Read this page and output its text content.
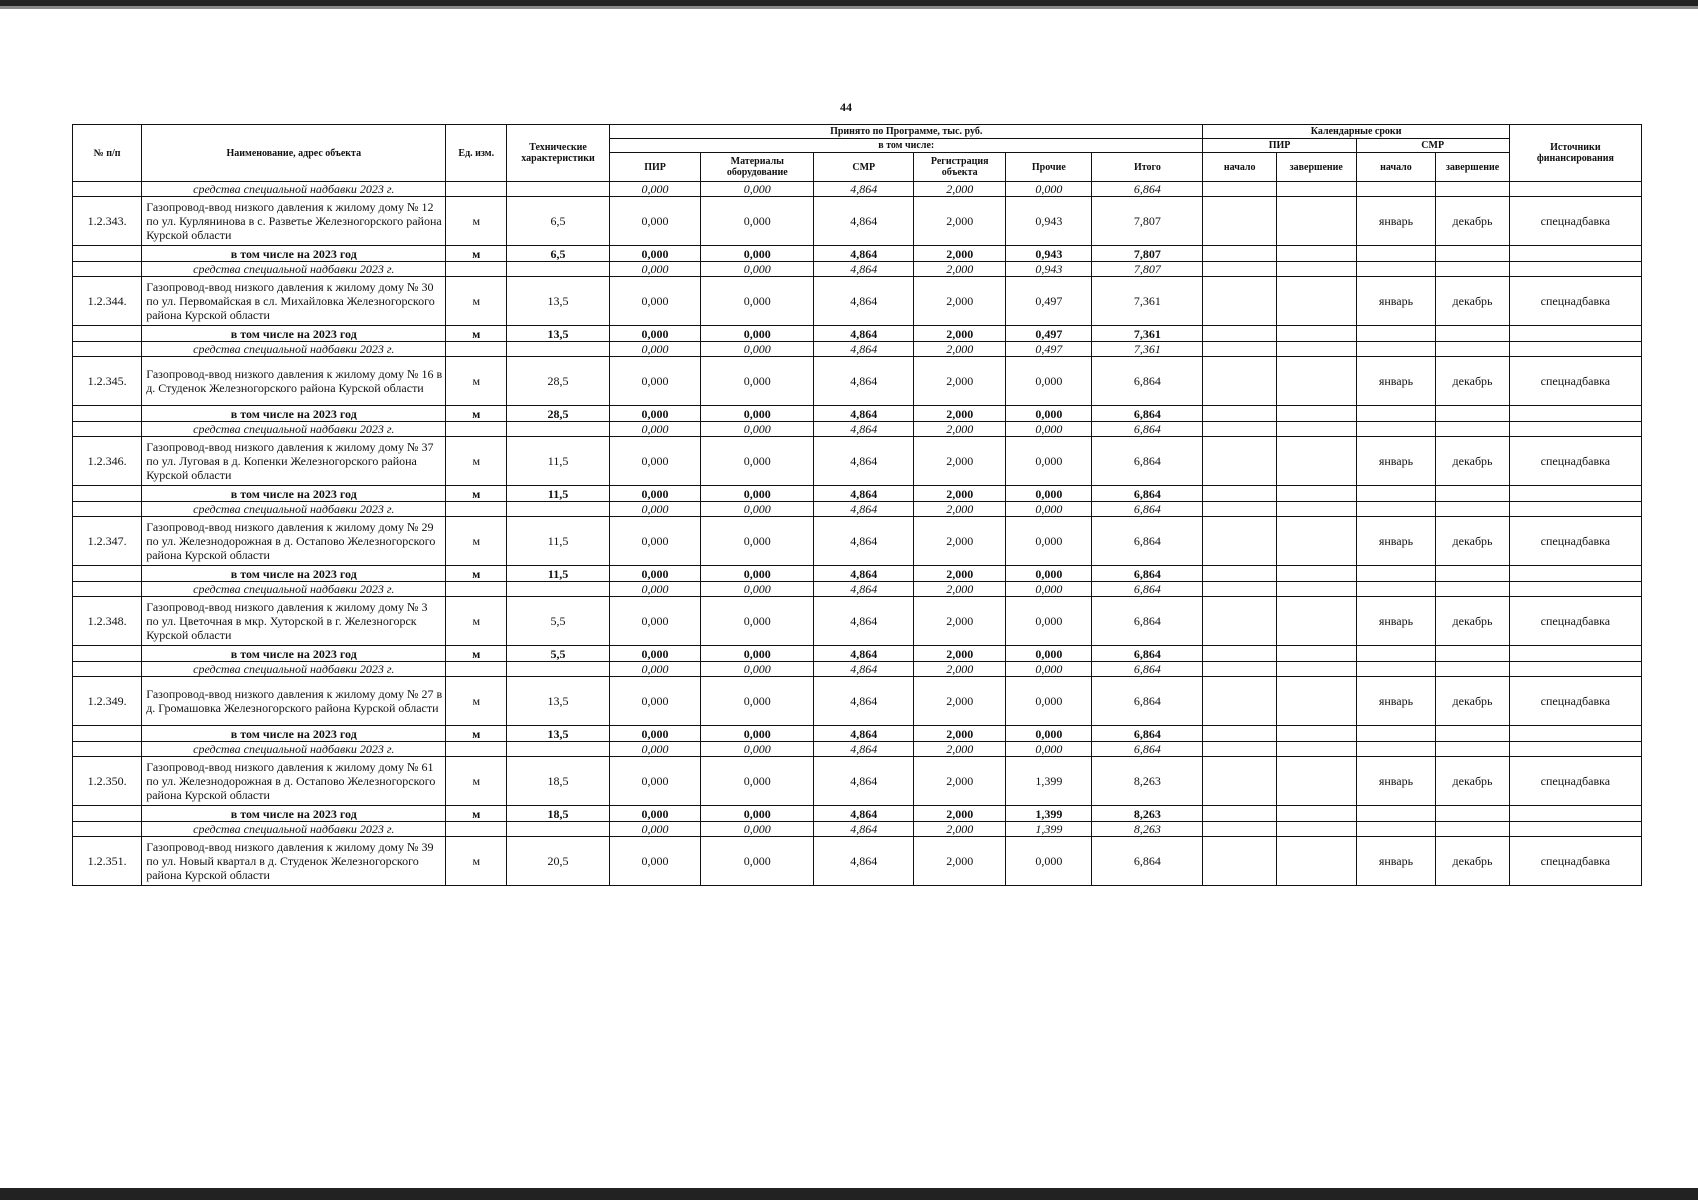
44
№ п/п	Наименование, адрес объекта	Ед. изм.	Технические характеристики	Принято по Программе, тыс. руб.						Календарные сроки				Источники финансирования
				в том числе:						ПИР		СМР		
				ПИР	Материалы оборудование	СМР	Регистрация объекта	Прочие	Итого	начало	завершение	начало	завершение	
	средства специальной надбавки 2023 г.			0,000	0,000	4,864	2,000	0,000	6,864					
1.2.343.	Газопровод-ввод низкого давления к жилому дому № 12 по ул. Курлянинова в с. Разветье Железногорского района Курской области	м	6,5	0,000	0,000	4,864	2,000	0,943	7,807			январь	декабрь	спецнадбавка
	в том числе на 2023 год	м	6,5	0,000	0,000	4,864	2,000	0,943	7,807					
	средства специальной надбавки 2023 г.			0,000	0,000	4,864	2,000	0,943	7,807					
1.2.344.	Газопровод-ввод низкого давления к жилому дому № 30 по ул. Первомайская в сл. Михайловка Железногорского района Курской области	м	13,5	0,000	0,000	4,864	2,000	0,497	7,361			январь	декабрь	спецнадбавка
	в том числе на 2023 год	м	13,5	0,000	0,000	4,864	2,000	0,497	7,361					
	средства специальной надбавки 2023 г.			0,000	0,000	4,864	2,000	0,497	7,361					
1.2.345.	Газопровод-ввод низкого давления к жилому дому № 16 в д. Студенок Железногорского района Курской области	м	28,5	0,000	0,000	4,864	2,000	0,000	6,864			январь	декабрь	спецнадбавка
	в том числе на 2023 год	м	28,5	0,000	0,000	4,864	2,000	0,000	6,864					
	средства специальной надбавки 2023 г.			0,000	0,000	4,864	2,000	0,000	6,864					
1.2.346.	Газопровод-ввод низкого давления к жилому дому № 37 по ул. Луговая в д. Копенки Железногорского района Курской области	м	11,5	0,000	0,000	4,864	2,000	0,000	6,864			январь	декабрь	спецнадбавка
	в том числе на 2023 год	м	11,5	0,000	0,000	4,864	2,000	0,000	6,864					
	средства специальной надбавки 2023 г.			0,000	0,000	4,864	2,000	0,000	6,864					
1.2.347.	Газопровод-ввод низкого давления к жилому дому № 29 по ул. Железнодорожная в д. Остапово Железногорского района Курской области	м	11,5	0,000	0,000	4,864	2,000	0,000	6,864			январь	декабрь	спецнадбавка
	в том числе на 2023 год	м	11,5	0,000	0,000	4,864	2,000	0,000	6,864					
	средства специальной надбавки 2023 г.			0,000	0,000	4,864	2,000	0,000	6,864					
1.2.348.	Газопровод-ввод низкого давления к жилому дому № 3 по ул. Цветочная в мкр. Хуторской в г. Железногорск Курской области	м	5,5	0,000	0,000	4,864	2,000	0,000	6,864			январь	декабрь	спецнадбавка
	в том числе на 2023 год	м	5,5	0,000	0,000	4,864	2,000	0,000	6,864					
	средства специальной надбавки 2023 г.			0,000	0,000	4,864	2,000	0,000	6,864					
1.2.349.	Газопровод-ввод низкого давления к жилому дому № 27 в д. Громашовка Железногорского района Курской области	м	13,5	0,000	0,000	4,864	2,000	0,000	6,864			январь	декабрь	спецнадбавка
	в том числе на 2023 год	м	13,5	0,000	0,000	4,864	2,000	0,000	6,864					
	средства специальной надбавки 2023 г.			0,000	0,000	4,864	2,000	0,000	6,864					
1.2.350.	Газопровод-ввод низкого давления к жилому дому № 61 по ул. Железнодорожная в д. Остапово Железногорского района Курской области	м	18,5	0,000	0,000	4,864	2,000	1,399	8,263			январь	декабрь	спецнадбавка
	в том числе на 2023 год	м	18,5	0,000	0,000	4,864	2,000	1,399	8,263					
	средства специальной надбавки 2023 г.			0,000	0,000	4,864	2,000	1,399	8,263					
1.2.351.	Газопровод-ввод низкого давления к жилому дому № 39 по ул. Новый квартал в д. Студенок Железногорского района Курской области	м	20,5	0,000	0,000	4,864	2,000	0,000	6,864			январь	декабрь	спецнадбавка
